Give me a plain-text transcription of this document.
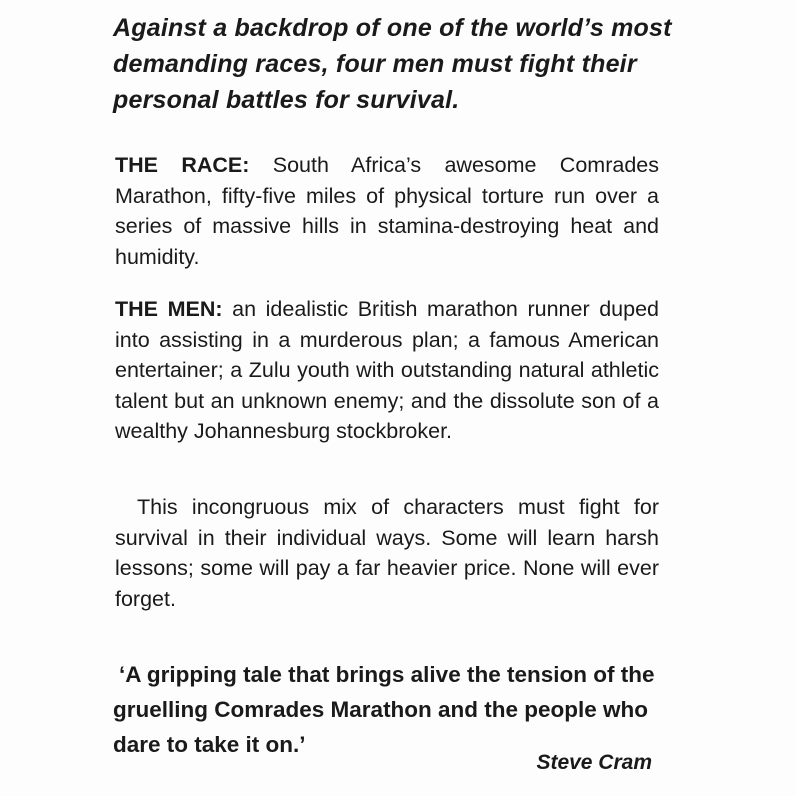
Against a backdrop of one of the world’s most demanding races, four men must fight their personal battles for survival.

THE RACE: South Africa’s awesome Comrades Marathon, fifty-five miles of physical torture run over a series of massive hills in stamina-destroying heat and humidity.

THE MEN: an idealistic British marathon runner duped into assisting in a murderous plan; a famous American entertainer; a Zulu youth with outstanding natural athletic talent but an unknown enemy; and the dissolute son of a wealthy Johannesburg stockbroker.

This incongruous mix of characters must fight for survival in their individual ways. Some will learn harsh lessons; some will pay a far heavier price. None will ever forget.

‘A gripping tale that brings alive the tension of the gruelling Comrades Marathon and the people who dare to take it on.’

Steve Cram
